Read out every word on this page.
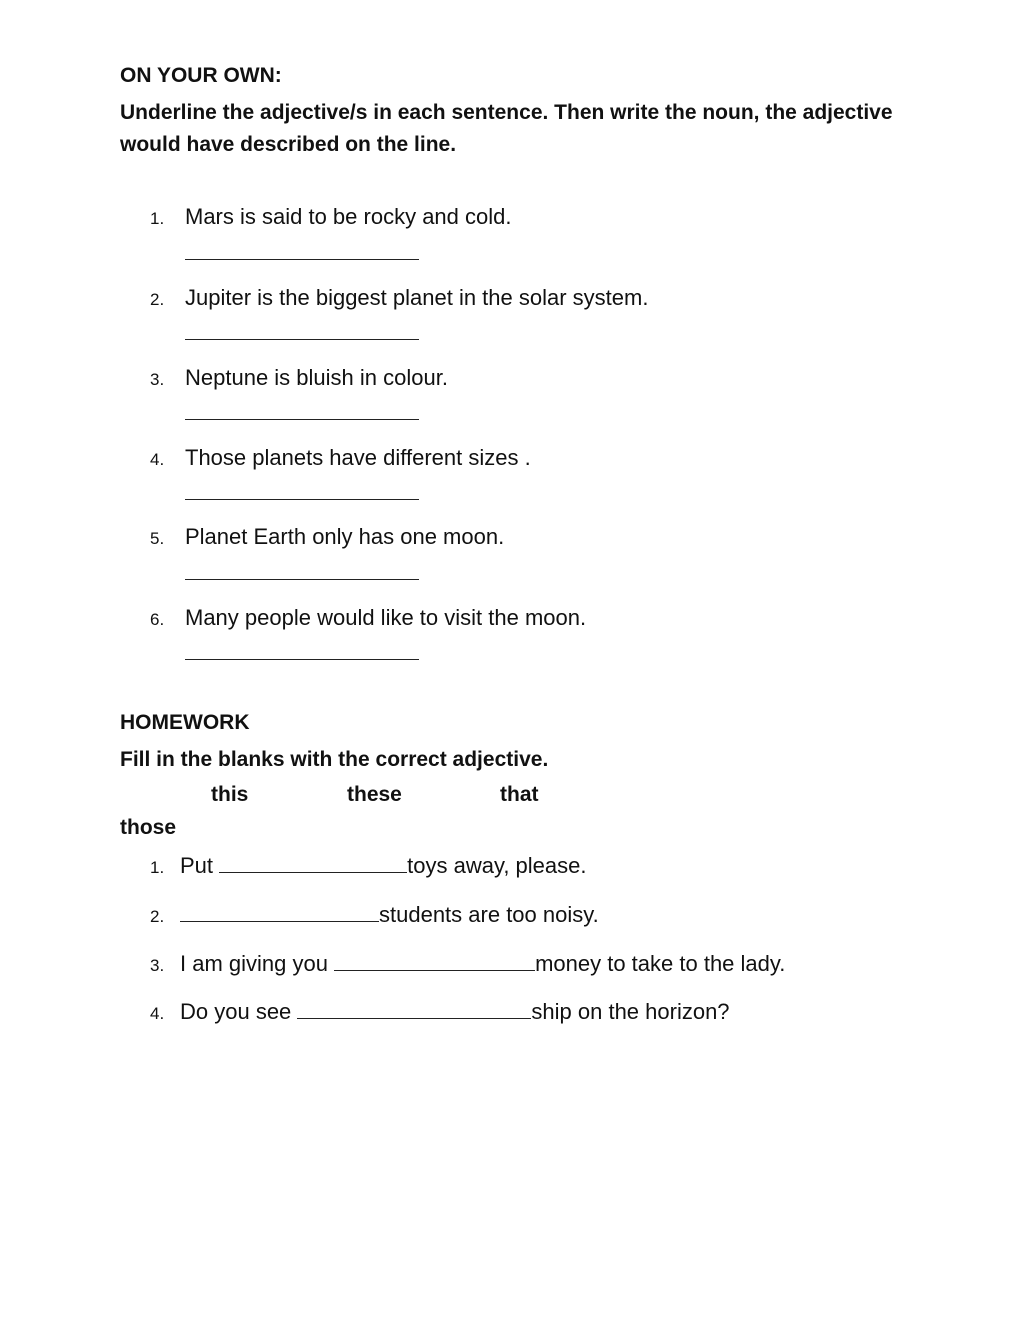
ON YOUR OWN:
Underline the adjective/s in each sentence. Then write the noun, the adjective would have described on the line.
1. Mars is said to be rocky and cold.
2. Jupiter is the biggest planet in the solar system.
3. Neptune is bluish in colour.
4. Those planets have different sizes .
5. Planet Earth only has one moon.
6. Many people would like to visit the moon.
HOMEWORK
Fill in the blanks with the correct adjective.
this	these	that
those
1. Put	toys away, please.
2.	students are too noisy.
3. I am giving you	money to take to the lady.
4. Do you see	ship on the horizon?
